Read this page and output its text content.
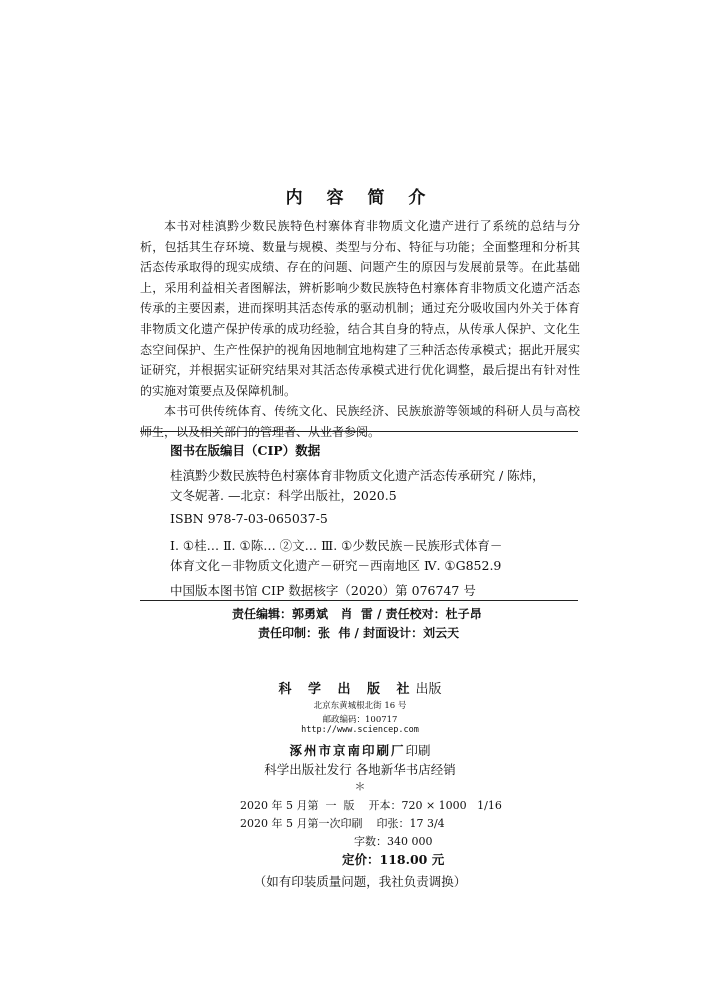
内 容 简 介

本书对桂滇黔少数民族特色村寨体育非物质文化遗产进行了系统的总结与分析，包括其生存环境、数量与规模、类型与分布、特征与功能；全面整理和分析其活态传承取得的现实成绩、存在的问题、问题产生的原因与发展前景等。在此基础上，采用利益相关者图解法，辨析影响少数民族特色村寨体育非物质文化遗产活态传承的主要因素，进而探明其活态传承的驱动机制；通过充分吸收国内外关于体育非物质文化遗产保护传承的成功经验，结合其自身的特点，从传承人保护、文化生态空间保护、生产性保护的视角因地制宜地构建了三种活态传承模式；据此开展实证研究，并根据实证研究结果对其活态传承模式进行优化调整，最后提出有针对性的实施对策要点及保障机制。

本书可供传统体育、传统文化、民族经济、民族旅游等领域的科研人员与高校师生，以及相关部门的管理者、从业者参阅。

图书在版编目（CIP）数据
桂滇黔少数民族特色村寨体育非物质文化遗产活态传承研究 / 陈炜，
文冬妮著. —北京：科学出版社，2020.5
ISBN 978-7-03-065037-5
Ⅰ. ①桂… Ⅱ. ①陈… ②文… Ⅲ. ①少数民族－民族形式体育－
体育文化－非物质文化遗产－研究－西南地区 Ⅳ. ①G852.9
中国版本图书馆 CIP 数据核字（2020）第 076747 号
责任编辑：郭勇斌   肖  雷 / 责任校对：杜子昂
责任印制：张  伟 / 封面设计：刘云天
科 学 出 版 社出版
北京东黄城根北街 16 号
邮政编码：100717
http://www.sciencep.com
涿州市京南印刷厂印刷
科学出版社发行 各地新华书店经销
＊
2020 年 5 月第  一  版    开本：720 × 1000   1/16
2020 年 5 月第一次印刷    印张：17 3/4
字数：340 000
定价：118.00 元
（如有印装质量问题，我社负责调换）
